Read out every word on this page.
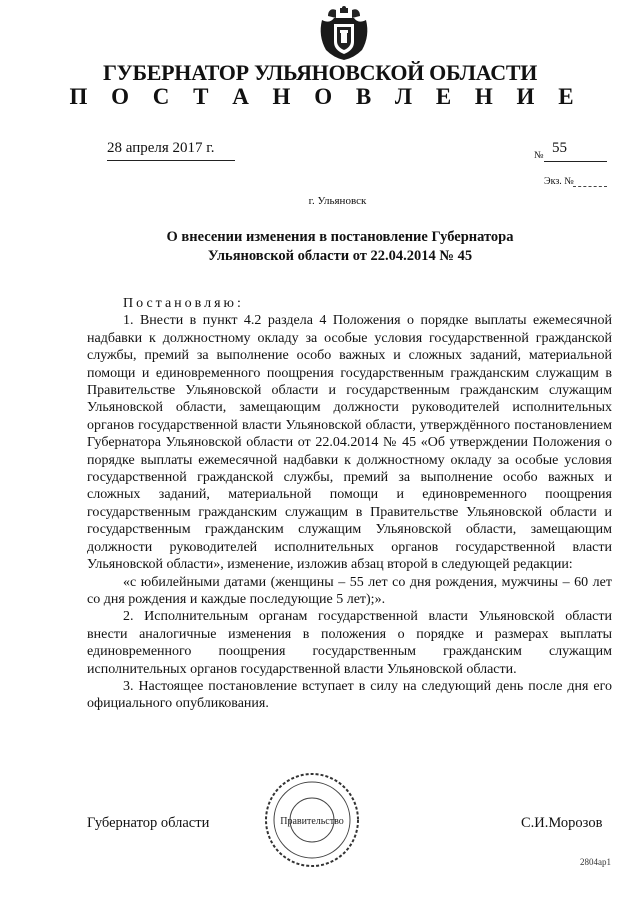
ГУБЕРНАТОР УЛЬЯНОВСКОЙ ОБЛАСТИ
П О С Т А Н О В Л Е Н И Е
28 апреля 2017 г.	№ 55
Экз. №
г. Ульяновск
О внесении изменения в постановление Губернатора
Ульяновской области от 22.04.2014 № 45

Постановляю:

1. Внести в пункт 4.2 раздела 4 Положения о порядке выплаты ежемесячной надбавки к должностному окладу за особые условия государственной гражданской службы, премий за выполнение особо важных и сложных заданий, материальной помощи и единовременного поощрения государственным гражданским служащим в Правительстве Ульяновской области и государственным гражданским служащим Ульяновской области, замещающим должности руководителей исполнительных органов государственной власти Ульяновской области, утверждённого постановлением Губернатора Ульяновской области от 22.04.2014 № 45 «Об утверждении Положения о порядке выплаты ежемесячной надбавки к должностному окладу за особые условия государственной гражданской службы, премий за выполнение особо важных и сложных заданий, материальной помощи и единовременного поощрения государственным гражданским служащим в Правительстве Ульяновской области и государственным гражданским служащим Ульяновской области, замещающим должности руководителей исполнительных органов государственной власти Ульяновской области», изменение, изложив абзац второй в следующей редакции:

«с юбилейными датами (женщины – 55 лет со дня рождения, мужчины – 60 лет со дня рождения и каждые последующие 5 лет);».

2. Исполнительным органам государственной власти Ульяновской области внести аналогичные изменения в положения о порядке и размерах выплаты единовременного поощрения государственным гражданским служащим исполнительных органов государственной власти Ульяновской области.

3. Настоящее постановление вступает в силу на следующий день после дня его официального опубликования.

Губернатор области	Правительство	С.И.Морозов
2804ар1
